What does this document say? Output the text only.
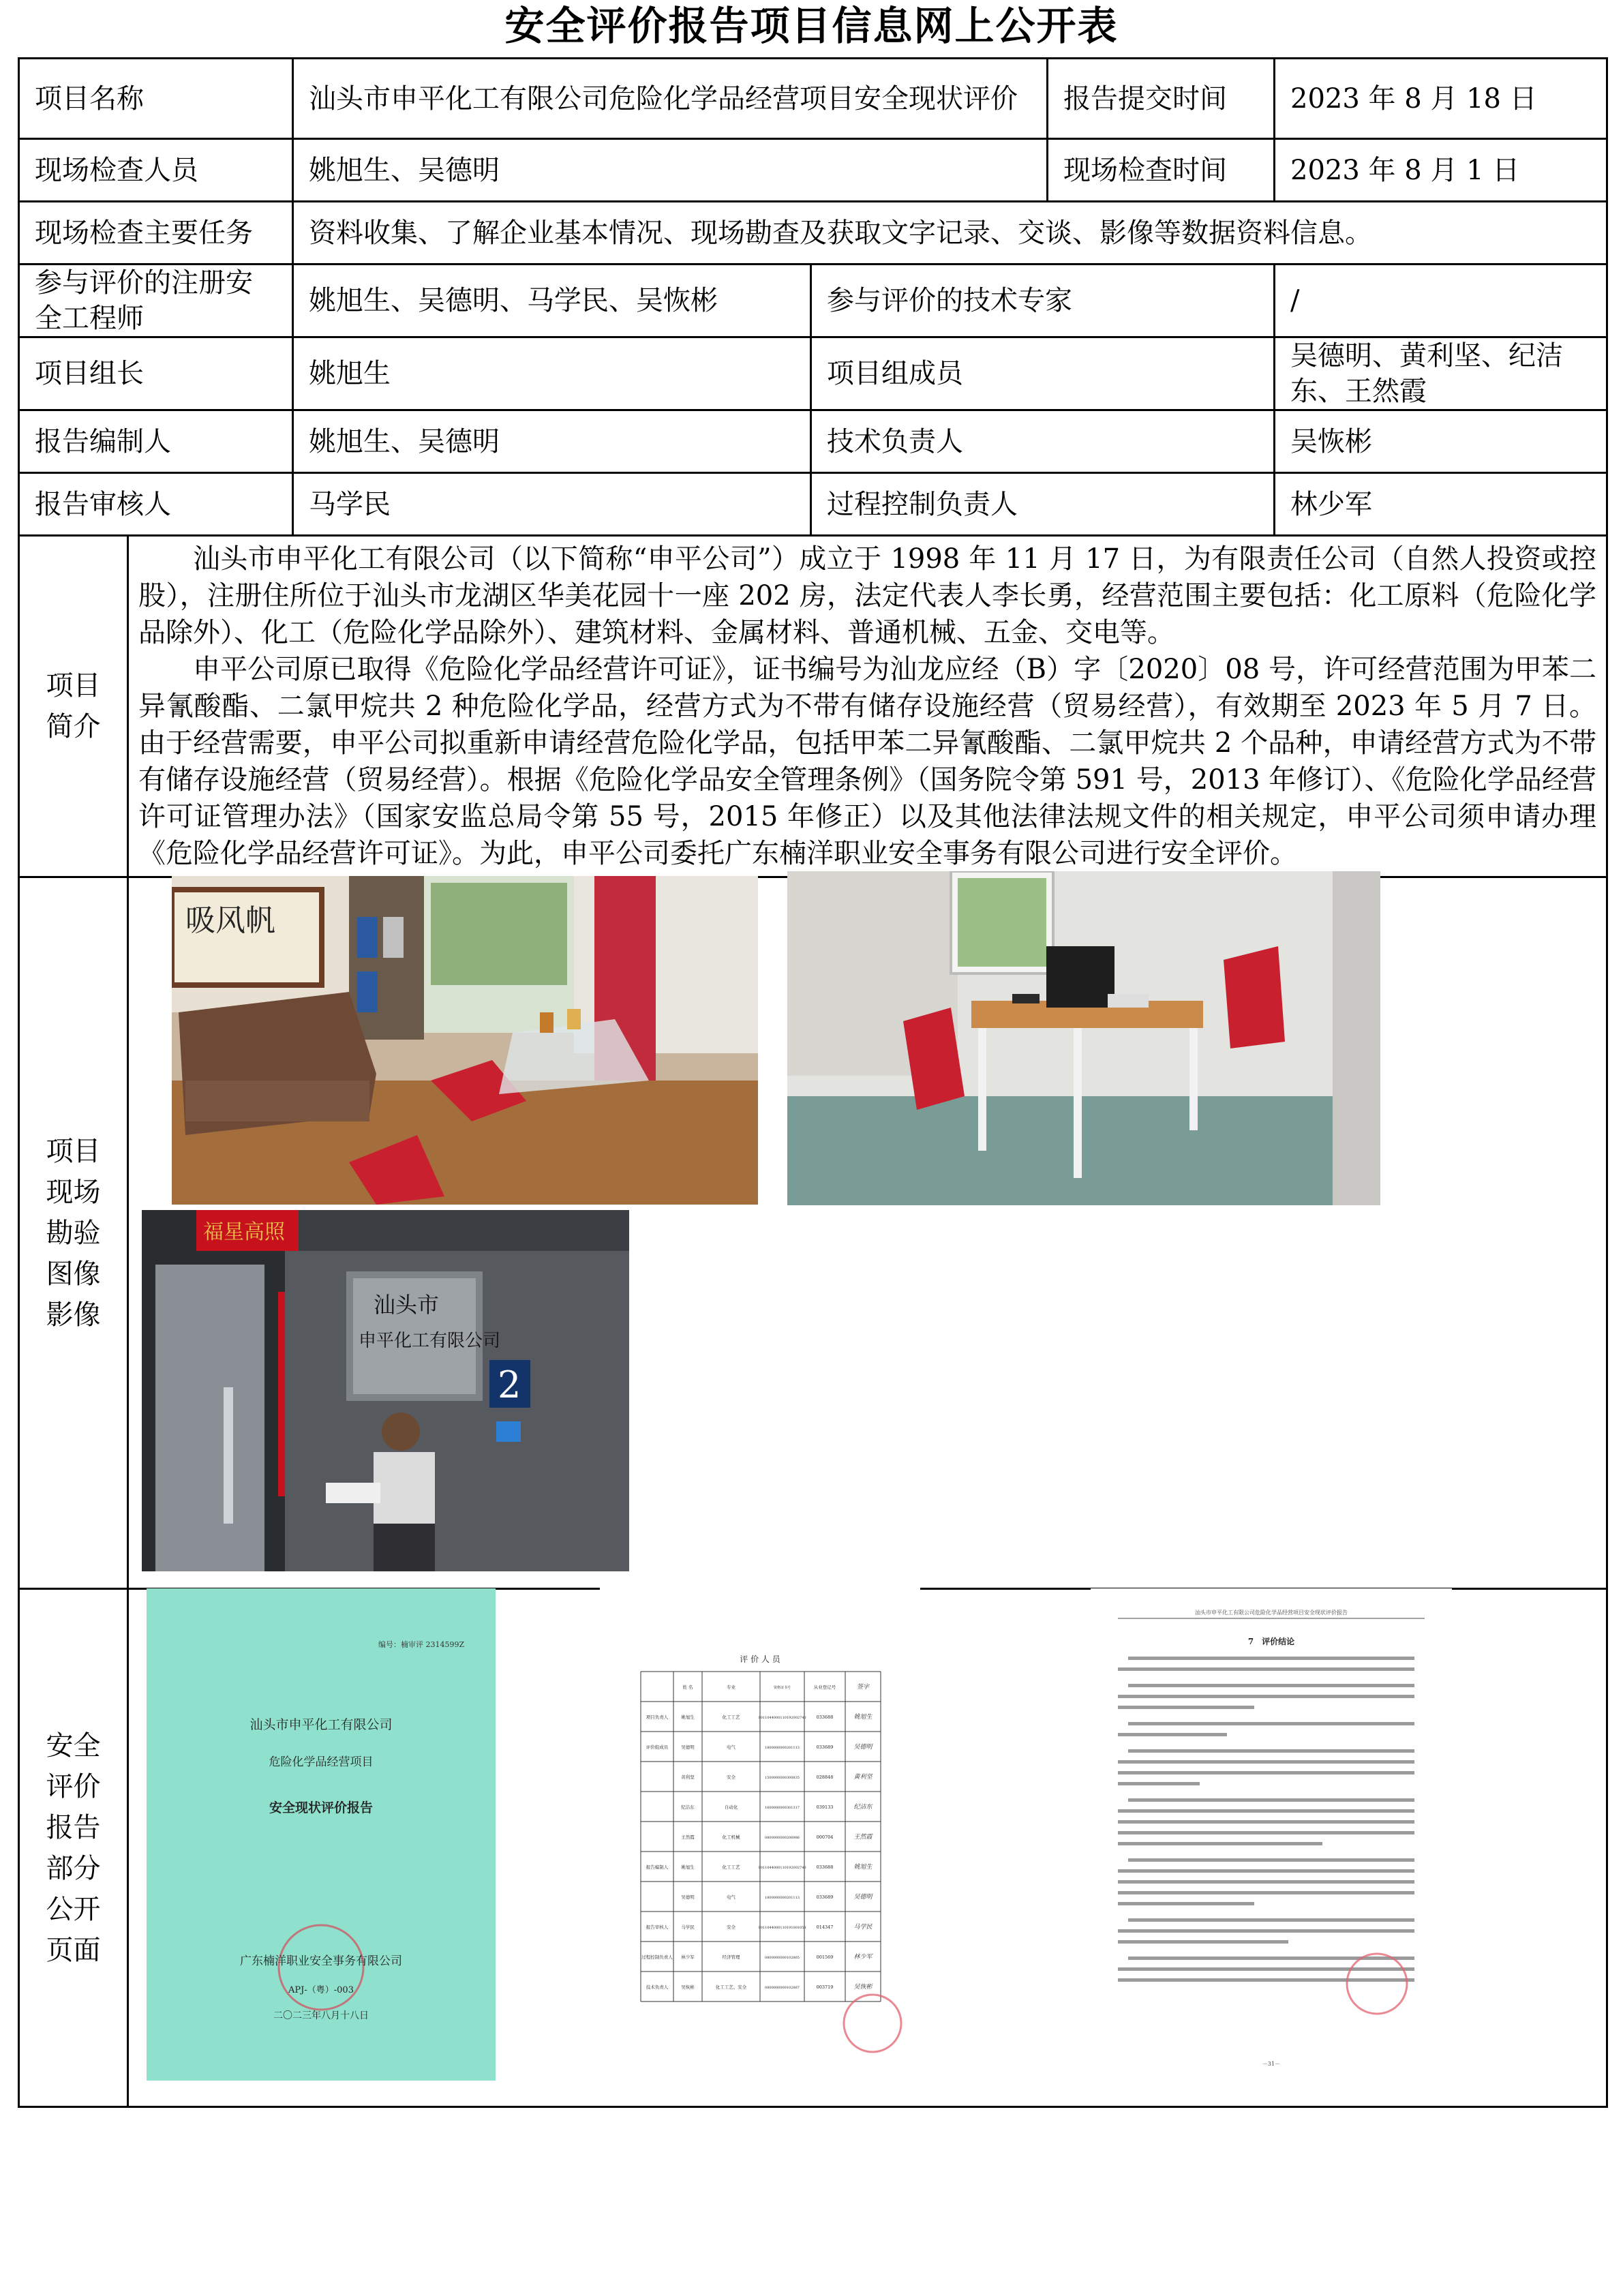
安全评价报告项目信息网上公开表
项目名称		汕头市申平化工有限公司危险化学品经营项目安全现状评价		报告提交时间	2023 年 8 月 18 日
现场检查人员		姚旭生、吴德明		现场检查时间	2023 年 8 月 1 日
现场检查主要任务		资料收集、了解企业基本情况、现场勘查及获取文字记录、交谈、影像等数据资料信息。			
参与评价的注册安全工程师		姚旭生、吴德明、马学民、吴恢彬	参与评价的技术专家		/
项目组长		姚旭生	项目组成员		吴德明、黄利坚、纪洁东、王然霞
报告编制人		姚旭生、吴德明	技术负责人		吴恢彬
报告审核人		马学民	过程控制负责人		林少军

项目简介	汕头市申平化工有限公司（以下简称“申平公司”）成立于 1998 年 11 月 17 日，为有限责任公司（自然人投资或控股），注册住所位于汕头市龙湖区华美花园十一座 202 房，法定代表人李长勇，经营范围主要包括：化工原料（危险化学品除外）、化工（危险化学品除外）、建筑材料、金属材料、普通机械、五金、交电等。

申平公司原已取得《危险化学品经营许可证》，证书编号为汕龙应经（B）字〔2020〕08 号，许可经营范围为甲苯二异氰酸酯、二氯甲烷共 2 种危险化学品，经营方式为不带有储存设施经营（贸易经营），有效期至 2023 年 5 月 7 日。由于经营需要，申平公司拟重新申请经营危险化学品，包括甲苯二异氰酸酯、二氯甲烷共 2 个品种，申请经营方式为不带有储存设施经营（贸易经营）。根据《危险化学品安全管理条例》（国务院令第 591 号，2013 年修订）、《危险化学品经营许可证管理办法》（国家安监总局令第 55 号，2015 年修正）以及其他法律法规文件的相关规定，申平公司须申请办理《危险化学品经营许可证》。为此，申平公司委托广东楠洋职业安全事务有限公司进行安全评价。				

项目现场勘验图像影像					

安全评价报告部分公开页面					

吸风帆
福星高照
汕头市
申平化工有限公司
2
编号：楠审评 2314599Z
汕头市申平化工有限公司
危险化学品经营项目
安全现状评价报告
广东楠洋职业安全事务有限公司
APJ-（粤）-003
二〇二三年八月十八日
评 价 人 员
姓 名	专业	资格证书号	从业登记号	签字
项目负责人	姚旭生	化工工艺	S011044000110192002740 033688	姚旭生
评价组成员	吴德明	电气	1800000000201113	033689	吴德明
黄利坚	安全	1500000000300835	028848	黄利坚
纪洁东	自动化	1600000000301317	039133	纪洁东
王然霞	化工机械	0800000000206986	000704	王然霞
报告编制人	姚旭生	化工工艺	S011044000110192002740 033688	姚旭生
吴德明	电气	1800000000201113	033689	吴德明
报告审核人	马学民	安全	S011044000110191001058 014347	马学民
过程控制负责人 林少军	经济管理	0800000000102865	001569	林少军
技术负责人	吴恢彬	化工工艺、安全	0800000000102867	003719	吴恢彬
汕头市申平化工有限公司危险化学品经营项目安全现状评价报告
7　评价结论
－31－
